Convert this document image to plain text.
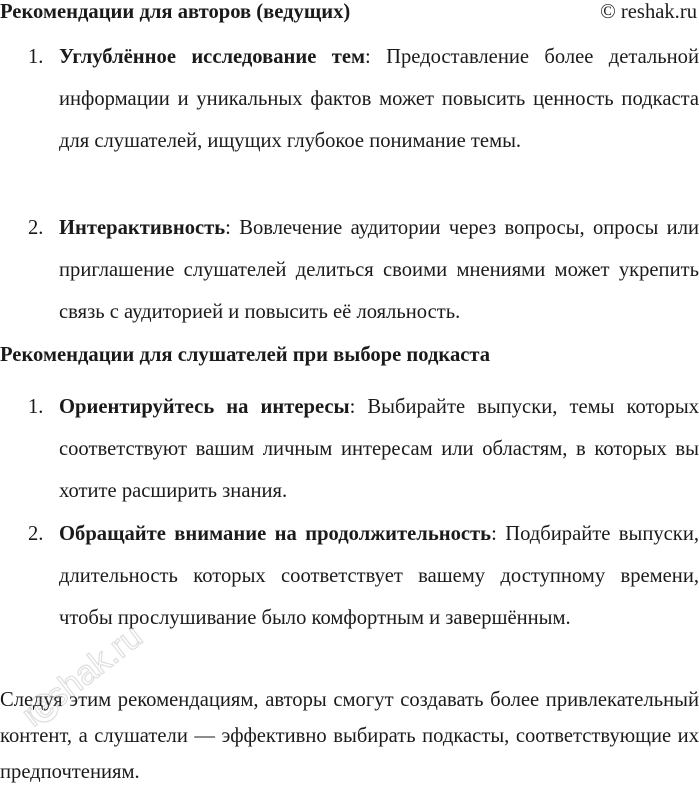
Рекомендации для авторов (ведущих)	© reshak.ru
1. Углублённое исследование тем: Предоставление более детальной информации и уникальных фактов может повысить ценность подкаста для слушателей, ищущих глубокое понимание темы.
2. Интерактивность: Вовлечение аудитории через вопросы, опросы или приглашение слушателей делиться своими мнениями может укрепить связь с аудиторией и повысить её лояльность.
Рекомендации для слушателей при выборе подкаста
1. Ориентируйтесь на интересы: Выбирайте выпуски, темы которых соответствуют вашим личным интересам или областям, в которых вы хотите расширить знания.
2. Обращайте внимание на продолжительность: Подбирайте выпуски, длительность которых соответствует вашему доступному времени, чтобы прослушивание было комфортным и завершённым.
Следуя этим рекомендациям, авторы смогут создавать более привлекательный контент, а слушатели — эффективно выбирать подкасты, соответствующие их предпочтениям.
reshak.ru
